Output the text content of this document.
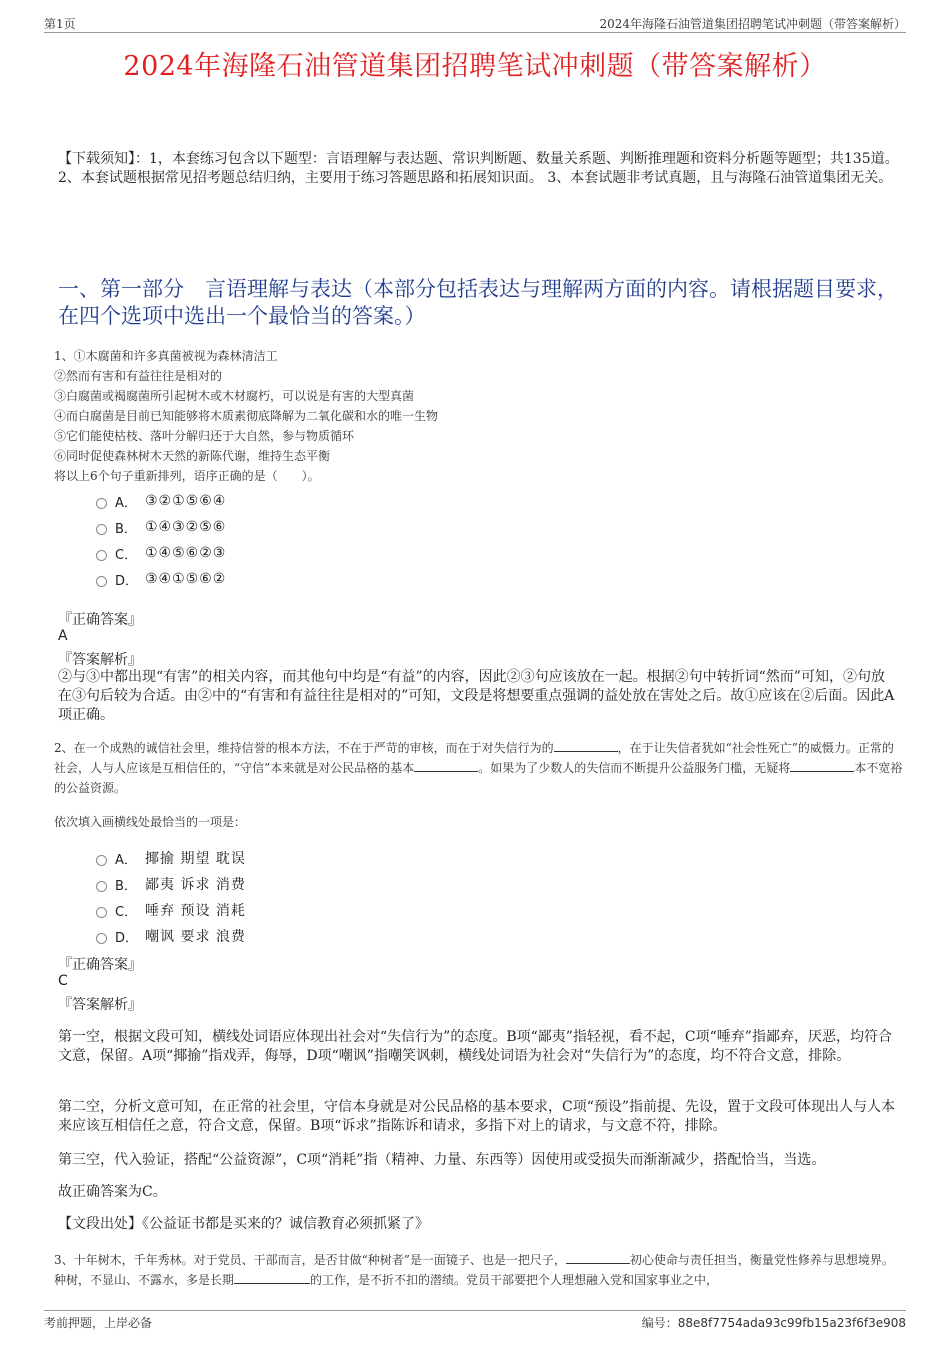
第1页	2024年海隆石油管道集团招聘笔试冲刺题（带答案解析）
2024年海隆石油管道集团招聘笔试冲刺题（带答案解析）
【下载须知】：1，本套练习包含以下题型：言语理解与表达题、常识判断题、数量关系题、判断推理题和资料分析题等题型；共135道。 2、本套试题根据常见招考题总结归纳，主要用于练习答题思路和拓展知识面。 3、本套试题非考试真题，且与海隆石油管道集团无关。
一、第一部分　言语理解与表达（本部分包括表达与理解两方面的内容。请根据题目要求，在四个选项中选出一个最恰当的答案。）
1、①木腐菌和许多真菌被视为森林清洁工
②然而有害和有益往往是相对的
③白腐菌或褐腐菌所引起树木或木材腐朽，可以说是有害的大型真菌
④而白腐菌是目前已知能够将木质素彻底降解为二氧化碳和水的唯一生物
⑤它们能使枯枝、落叶分解归还于大自然，参与物质循环
⑥同时促使森林树木天然的新陈代谢，维持生态平衡
将以上6个句子重新排列，语序正确的是（　　）。
A． ③②①⑤⑥④
B． ①④③②⑤⑥
C． ①④⑤⑥②③
D． ③④①⑤⑥②
『正确答案』
A
『答案解析』
②与③中都出现“有害”的相关内容，而其他句中均是“有益”的内容，因此②③句应该放在一起。根据②句中转折词“然而”可知，②句放在③句后较为合适。由②中的“有害和有益往往是相对的”可知，文段是将想要重点强调的益处放在害处之后。故①应该在②后面。因此A项正确。
2、在一个成熟的诚信社会里，维持信誉的根本方法，不在于严苛的审核，而在于对失信行为的	，在于让失信者犹如“社会性死亡”的威慑力。正常的社会，人与人应该是互相信任的，“守信”本来就是对公民品格的基本	。如果为了少数人的失信而不断提升公益服务门槛，无疑将	本不宽裕的公益资源。
依次填入画横线处最恰当的一项是：
A． 揶揄 期望 耽误
B． 鄙夷 诉求 消费
C． 唾弃 预设 消耗
D． 嘲讽 要求 浪费
『正确答案』
C
『答案解析』
第一空，根据文段可知，横线处词语应体现出社会对“失信行为”的态度。B项“鄙夷”指轻视，看不起，C项“唾弃”指鄙弃，厌恶，均符合文意，保留。A项“揶揄”指戏弄，侮辱，D项“嘲讽”指嘲笑讽刺，横线处词语为社会对“失信行为”的态度，均不符合文意，排除。
第二空，分析文意可知，在正常的社会里，守信本身就是对公民品格的基本要求，C项“预设”指前提、先设，置于文段可体现出人与人本来应该互相信任之意，符合文意，保留。B项“诉求”指陈诉和请求，多指下对上的请求，与文意不符，排除。
第三空，代入验证，搭配“公益资源”，C项“消耗”指（精神、力量、东西等）因使用或受损失而渐渐减少，搭配恰当，当选。
故正确答案为C。
【文段出处】《公益证书都是买来的？诚信教育必须抓紧了》
3、十年树木，千年秀林。对于党员、干部而言，是否甘做“种树者”是一面镜子、也是一把尺子，	初心使命与责任担当，衡量党性修养与思想境界。种树，不显山、不露水，多是长期	的工作，是不折不扣的潜绩。党员干部要把个人理想融入党和国家事业之中，
考前押题，上岸必备	编号：88e8f7754ada93c99fb15a23f6f3e908
